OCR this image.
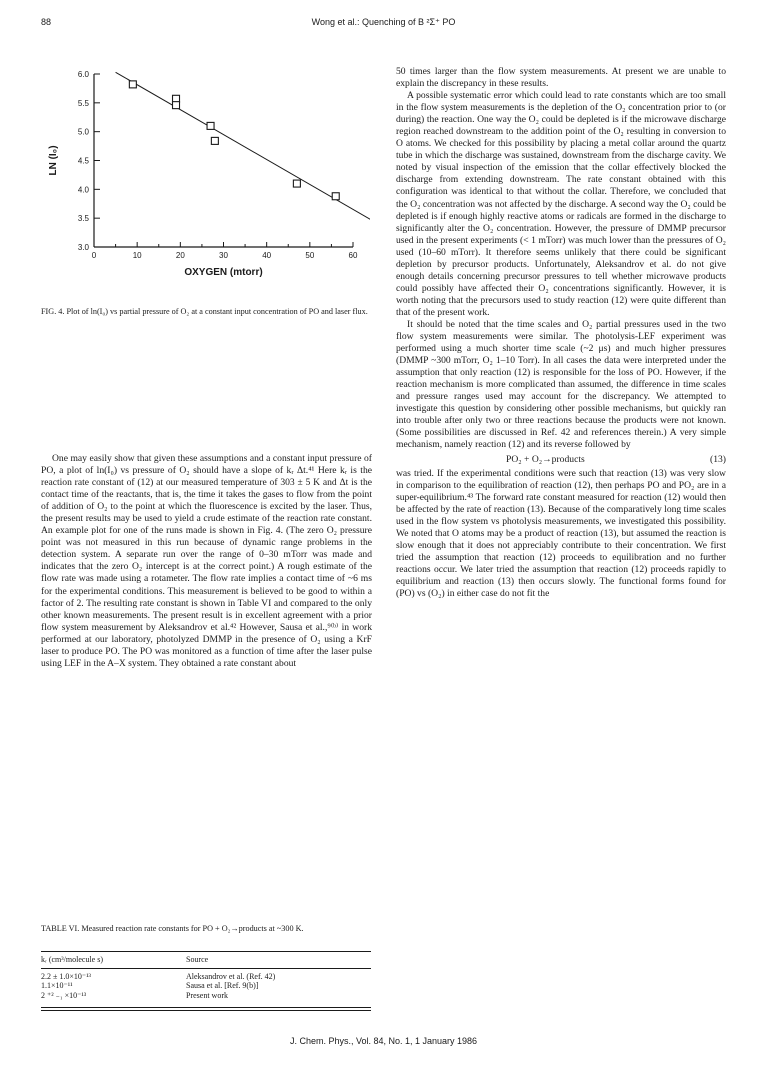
88	Wong et al.: Quenching of B ²Σ⁺ PO
0	10	20	30	40	50	60
3.0
3.5
4.0
4.5
5.0
5.5
6.0
OXYGEN (mtorr)
LN (I₀)
FIG. 4. Plot of ln(I₀) vs partial pressure of O₂ at a constant input concentration of PO and laser flux.

One may easily show that given these assumptions and a constant input pressure of PO, a plot of ln(I₀) vs pressure of O₂ should have a slope of kᵣ Δt.⁴¹ Here kᵣ is the reaction rate constant of (12) at our measured temperature of 303 ± 5 K and Δt is the contact time of the reactants, that is, the time it takes the gases to flow from the point of addition of O₂ to the point at which the fluorescence is excited by the laser. Thus, the present results may be used to yield a crude estimate of the reaction rate constant. An example plot for one of the runs made is shown in Fig. 4. (The zero O₂ pressure point was not measured in this run because of dynamic range problems in the detection system. A separate run over the range of 0–30 mTorr was made and indicates that the zero O₂ intercept is at the correct point.) A rough estimate of the flow rate was made using a rotameter. The flow rate implies a contact time of ~6 ms for the experimental conditions. This measurement is believed to be good to within a factor of 2. The resulting rate constant is shown in Table VI and compared to the only other known measurements. The present result is in excellent agreement with a prior flow system measurement by Aleksandrov et al.⁴² However, Sausa et al.,⁹⁽ᵇ⁾ in work performed at our laboratory, photolyzed DMMP in the presence of O₂ using a KrF laser to produce PO. The PO was monitored as a function of time after the laser pulse using LEF in the A–X system. They obtained a rate constant about

TABLE VI. Measured reaction rate constants for PO + O₂→products at ~300 K.
kᵣ (cm³/molecule s)	Source
2.2 ± 1.0×10⁻¹³	Aleksandrov et al. (Ref. 42)
1.1×10⁻¹¹	Sausa et al. [Ref. 9(b)]
2 ⁺² ₋₁ ×10⁻¹³	Present work

50 times larger than the flow system measurements. At present we are unable to explain the discrepancy in these results.

A possible systematic error which could lead to rate constants which are too small in the flow system measurements is the depletion of the O₂ concentration prior to (or during) the reaction. One way the O₂ could be depleted is if the microwave discharge region reached downstream to the addition point of the O₂ resulting in conversion to O atoms. We checked for this possibility by placing a metal collar around the quartz tube in which the discharge was sustained, downstream from the discharge cavity. We noted by visual inspection of the emission that the collar effectively blocked the discharge from extending downstream. The rate constant obtained with this configuration was identical to that without the collar. Therefore, we concluded that the O₂ concentration was not affected by the discharge. A second way the O₂ could be depleted is if enough highly reactive atoms or radicals are formed in the discharge to significantly alter the O₂ concentration. However, the pressure of DMMP precursor used in the present experiments (< 1 mTorr) was much lower than the pressures of O₂ used (10–60 mTorr). It therefore seems unlikely that there could be significant depletion by precursor products. Unfortunately, Aleksandrov et al. do not give enough details concerning precursor pressures to tell whether microwave products could possibly have affected their O₂ concentrations significantly. However, it is worth noting that the precursors used to study reaction (12) were quite different than that of the present work.

It should be noted that the time scales and O₂ partial pressures used in the two flow system measurements were similar. The photolysis-LEF experiment was performed using a much shorter time scale (~2 μs) and much higher pressures (DMMP ~300 mTorr, O₂ 1–10 Torr). In all cases the data were interpreted under the assumption that only reaction (12) is responsible for the loss of PO. However, if the reaction mechanism is more complicated than assumed, the difference in time scales and pressure ranges used may account for the discrepancy. We attempted to investigate this question by considering other possible mechanisms, but quickly ran into trouble after only two or three reactions because the products were not known. (Some possibilities are discussed in Ref. 42 and references therein.) A very simple mechanism, namely reaction (12) and its reverse followed by

PO₂ + O₂→products	(13)

was tried. If the experimental conditions were such that reaction (13) was very slow in comparison to the equilibration of reaction (12), then perhaps PO and PO₂ are in a super-equilibrium.⁴³ The forward rate constant measured for reaction (12) would then be affected by the rate of reaction (13). Because of the comparatively long time scales used in the flow system vs photolysis measurements, we investigated this possibility. We noted that O atoms may be a product of reaction (13), but assumed the reaction is slow enough that it does not appreciably contribute to their concentration. We first tried the assumption that reaction (12) proceeds to equilibration and no further reactions occur. We later tried the assumption that reaction (12) proceeds rapidly to equilibrium and reaction (13) then occurs slowly. The functional forms found for (PO) vs (O₂) in either case do not fit the

J. Chem. Phys., Vol. 84, No. 1, 1 January 1986
